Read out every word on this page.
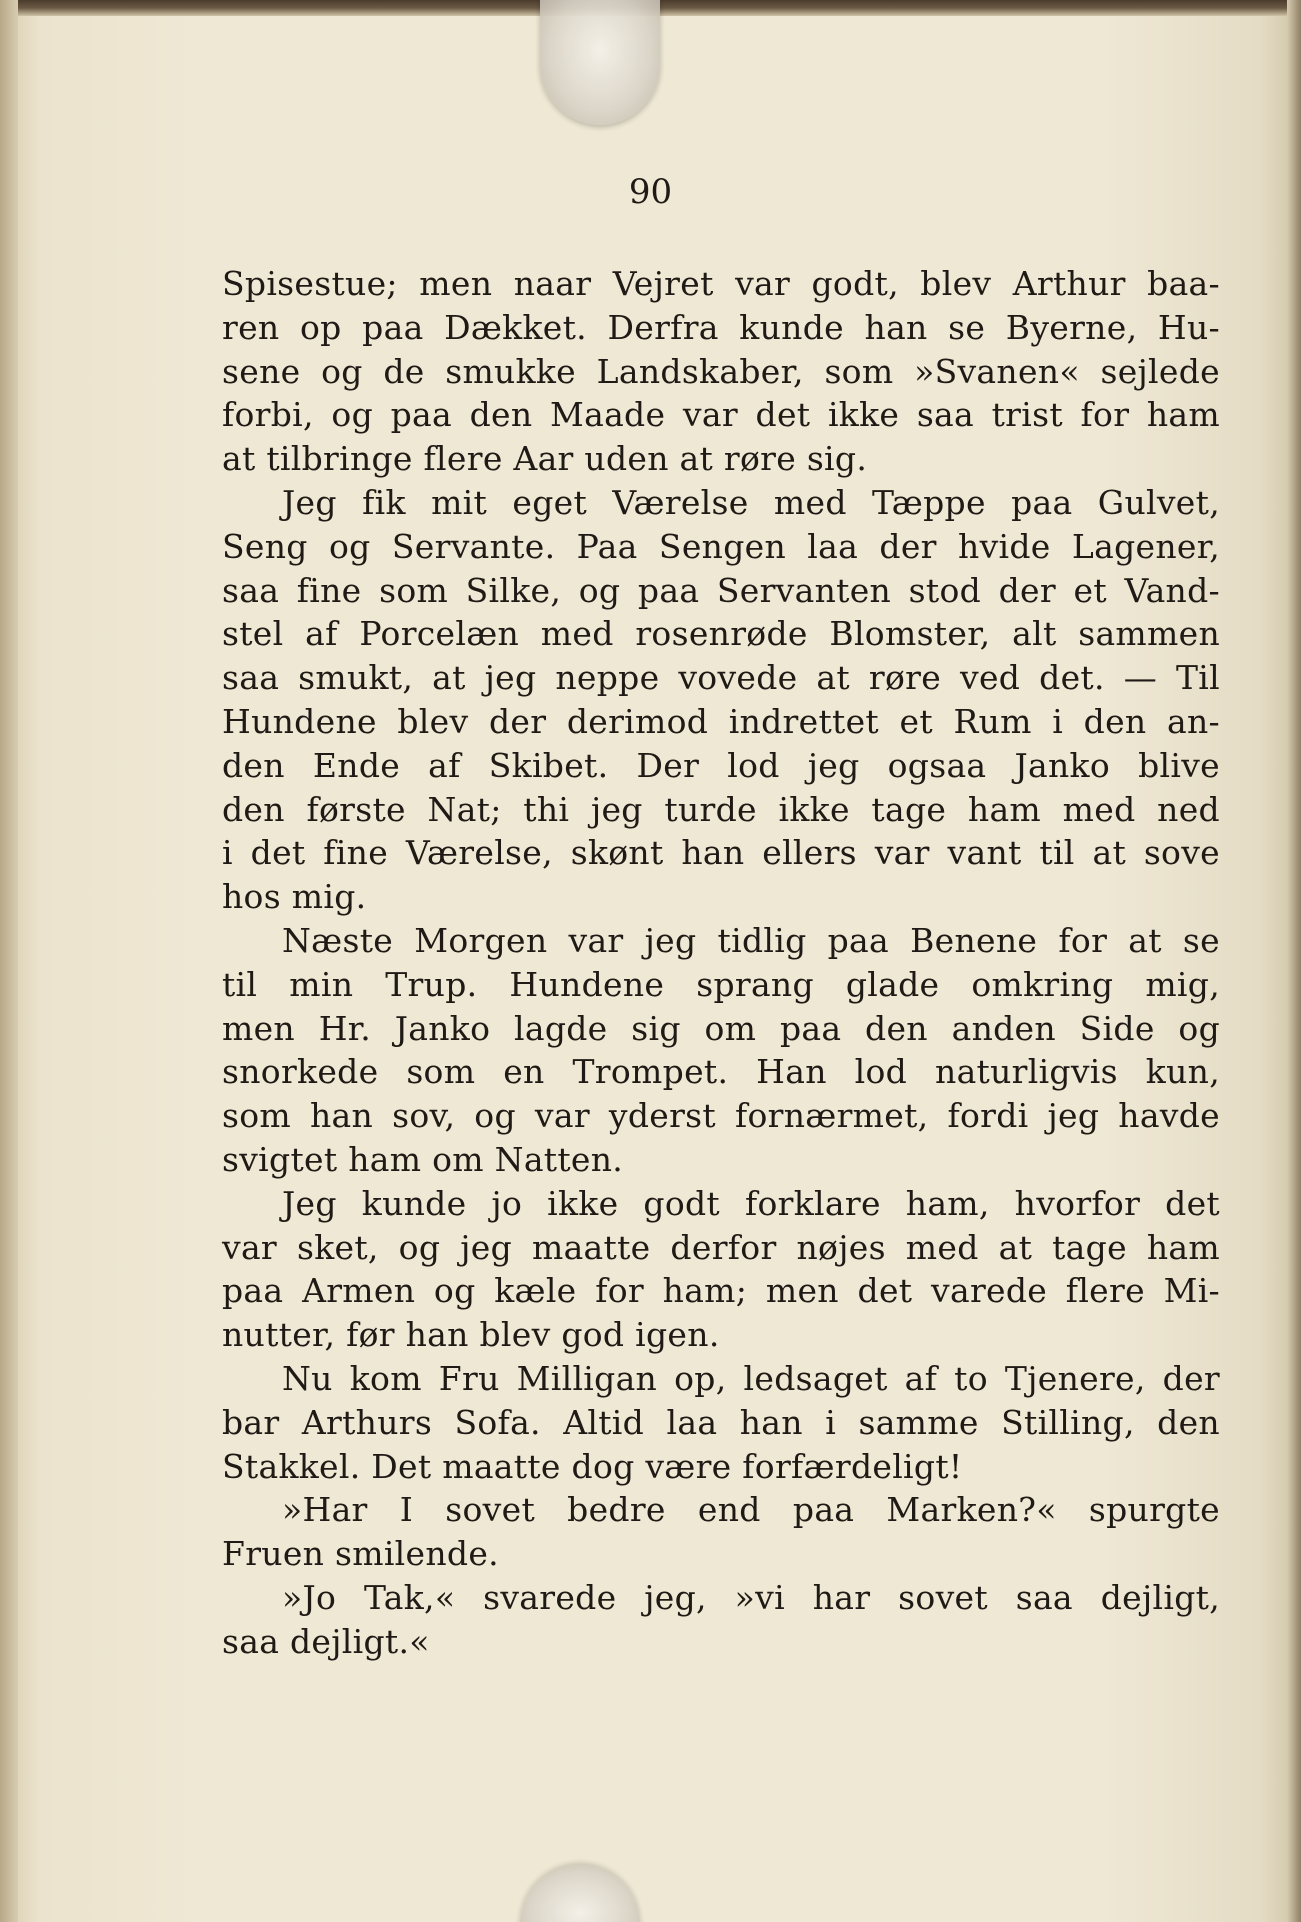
90
Spisestue; men naar Vejret var godt, blev Arthur baa-
ren op paa Dækket. Derfra kunde han se Byerne, Hu-
sene og de smukke Landskaber, som »Svanen« sejlede
forbi, og paa den Maade var det ikke saa trist for ham
at tilbringe flere Aar uden at røre sig.
Jeg fik mit eget Værelse med Tæppe paa Gulvet,
Seng og Servante. Paa Sengen laa der hvide Lagener,
saa fine som Silke, og paa Servanten stod der et Vand-
stel af Porcelæn med rosenrøde Blomster, alt sammen
saa smukt, at jeg neppe vovede at røre ved det. — Til
Hundene blev der derimod indrettet et Rum i den an-
den Ende af Skibet. Der lod jeg ogsaa Janko blive
den første Nat; thi jeg turde ikke tage ham med ned
i det fine Værelse, skønt han ellers var vant til at sove
hos mig.
Næste Morgen var jeg tidlig paa Benene for at se
til min Trup. Hundene sprang glade omkring mig,
men Hr. Janko lagde sig om paa den anden Side og
snorkede som en Trompet. Han lod naturligvis kun,
som han sov, og var yderst fornærmet, fordi jeg havde
svigtet ham om Natten.
Jeg kunde jo ikke godt forklare ham, hvorfor det
var sket, og jeg maatte derfor nøjes med at tage ham
paa Armen og kæle for ham; men det varede flere Mi-
nutter, før han blev god igen.
Nu kom Fru Milligan op, ledsaget af to Tjenere, der
bar Arthurs Sofa. Altid laa han i samme Stilling, den
Stakkel. Det maatte dog være forfærdeligt!
»Har I sovet bedre end paa Marken?« spurgte
Fruen smilende.
»Jo Tak,« svarede jeg, »vi har sovet saa dejligt,
saa dejligt.«
